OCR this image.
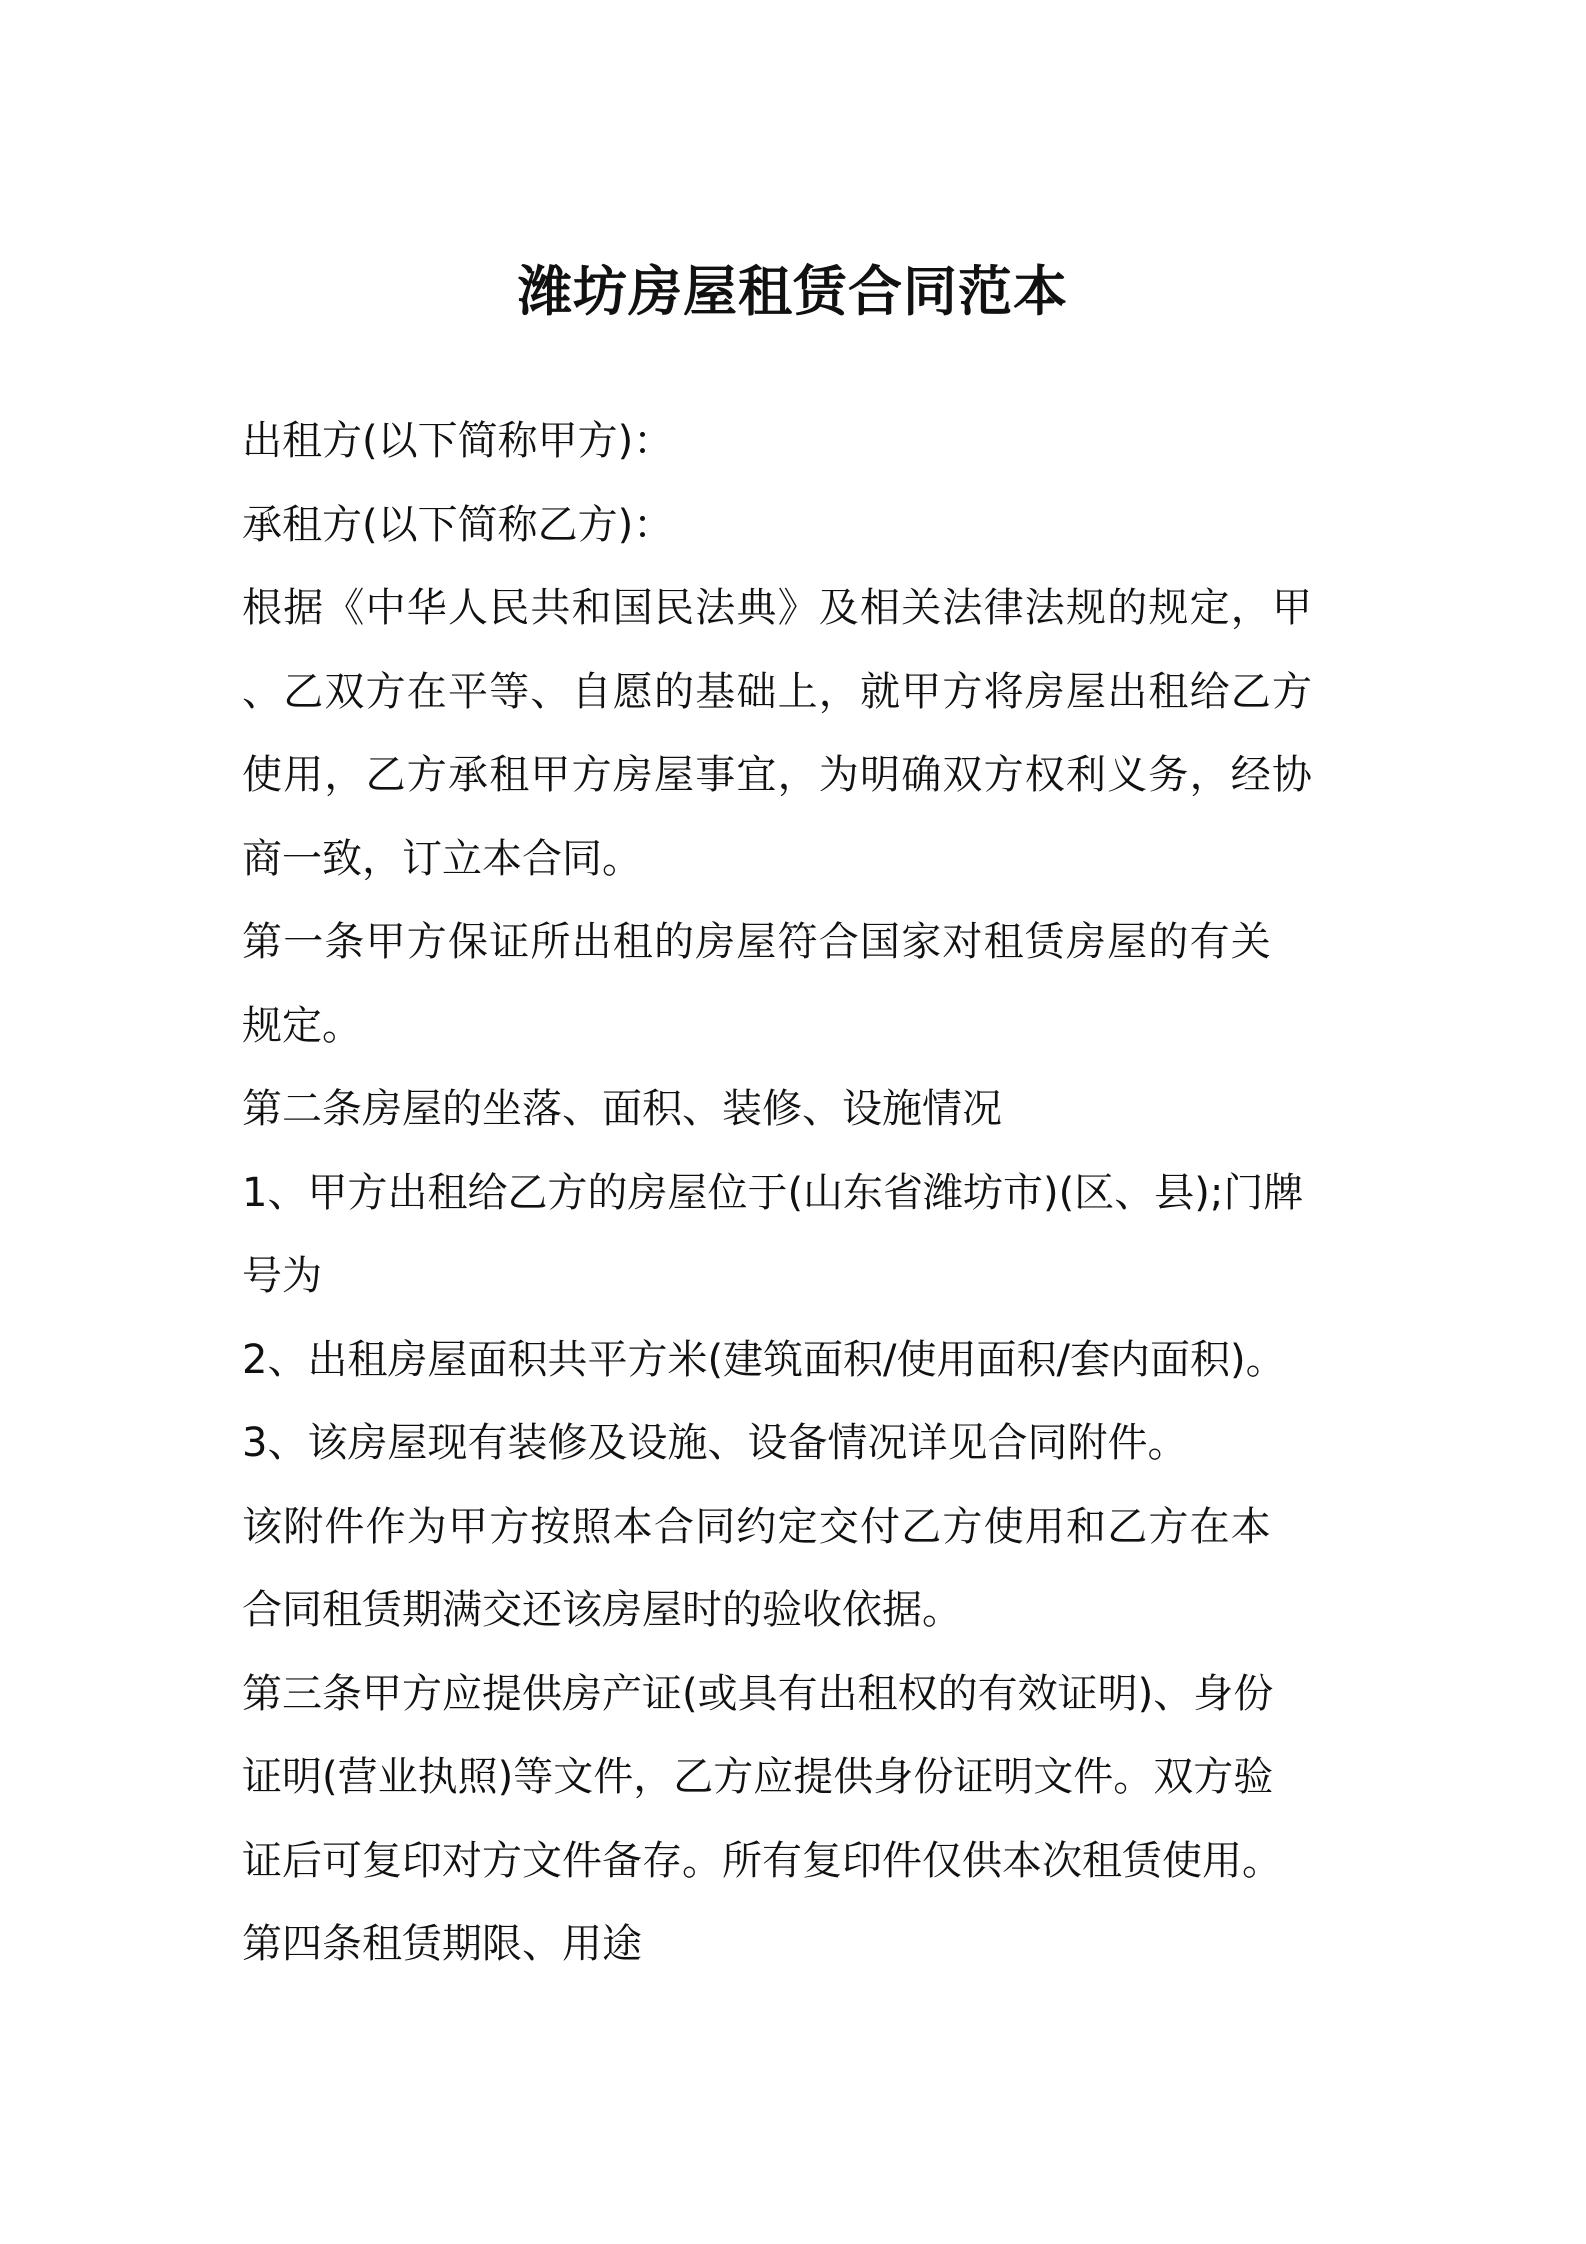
潍坊房屋租赁合同范本
出租方(以下简称甲方)：
承租方(以下简称乙方)：
根据《中华人民共和国民法典》及相关法律法规的规定，甲
、乙双方在平等、自愿的基础上，就甲方将房屋出租给乙方
使用，乙方承租甲方房屋事宜，为明确双方权利义务，经协
商一致，订立本合同。
第一条甲方保证所出租的房屋符合国家对租赁房屋的有关
规定。
第二条房屋的坐落、面积、装修、设施情况
1、甲方出租给乙方的房屋位于(山东省潍坊市)(区、县);门牌
号为
2、出租房屋面积共平方米(建筑面积/使用面积/套内面积)。
3、该房屋现有装修及设施、设备情况详见合同附件。
该附件作为甲方按照本合同约定交付乙方使用和乙方在本
合同租赁期满交还该房屋时的验收依据。
第三条甲方应提供房产证(或具有出租权的有效证明)、身份
证明(营业执照)等文件，乙方应提供身份证明文件。双方验
证后可复印对方文件备存。所有复印件仅供本次租赁使用。
第四条租赁期限、用途
